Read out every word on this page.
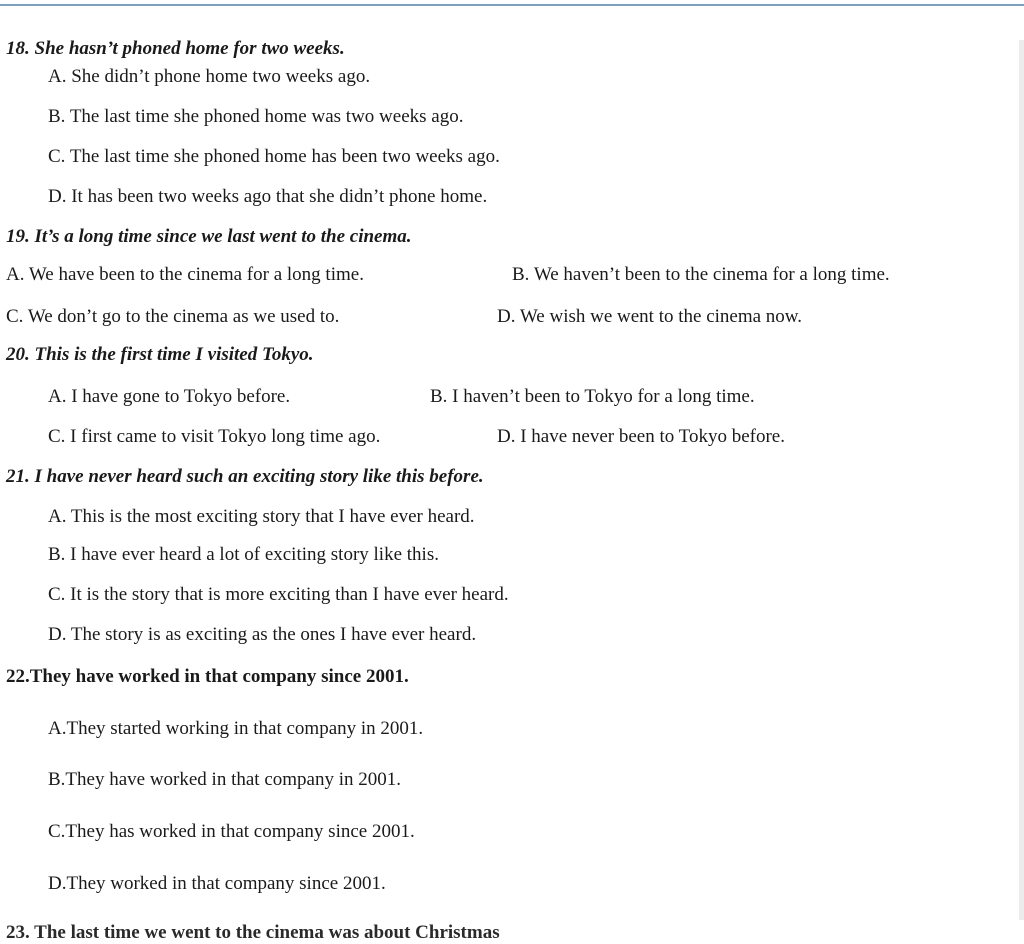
18. She hasn’t phoned home for two weeks.
A. She didn’t phone home two weeks ago.
B. The last time she phoned home was two weeks ago.
C. The last time she phoned home has been two weeks ago.
D. It has been two weeks ago that she didn’t phone home.
19. It’s a long time since we last went to the cinema.
A. We have been to the cinema for a long time.	B. We haven’t been to the cinema for a long time.
C. We don’t go to the cinema as we used to.	D. We wish we went to the cinema now.
20. This is the first time I visited Tokyo.
A. I have gone to Tokyo before.	B. I haven’t been to Tokyo for a long time.
C. I first came to visit Tokyo long time ago.	D. I have never been to Tokyo before.
21. I have never heard such an exciting story like this before.
A. This is the most exciting story that I have ever heard.
B. I have ever heard a lot of exciting story like this.
C. It is the story that is more exciting than I have ever heard.
D. The story is as exciting as the ones I have ever heard.
22.They have worked in that company since 2001.
A.They started working in that company in 2001.
B.They have worked in that company in 2001.
C.They has worked in that company since 2001.
D.They worked in that company since 2001.
23. The last time we went to the cinema was about Christmas
